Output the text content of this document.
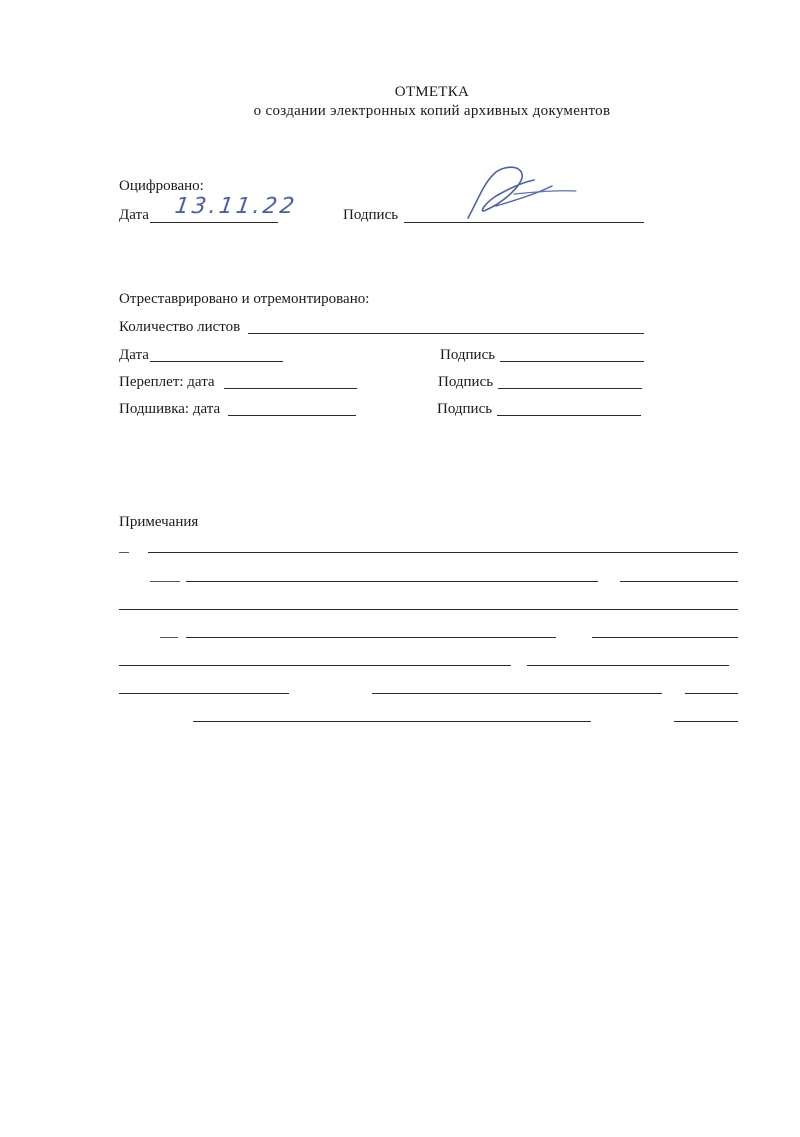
ОТМЕТКА
о создании электронных копий архивных документов
Оцифровано:
Дата 13.11.22	Подпись
Отреставрировано и отремонтировано:
Количество листов
Дата	Подпись
Переплет: дата	Подпись
Подшивка: дата	Подпись
Примечания
